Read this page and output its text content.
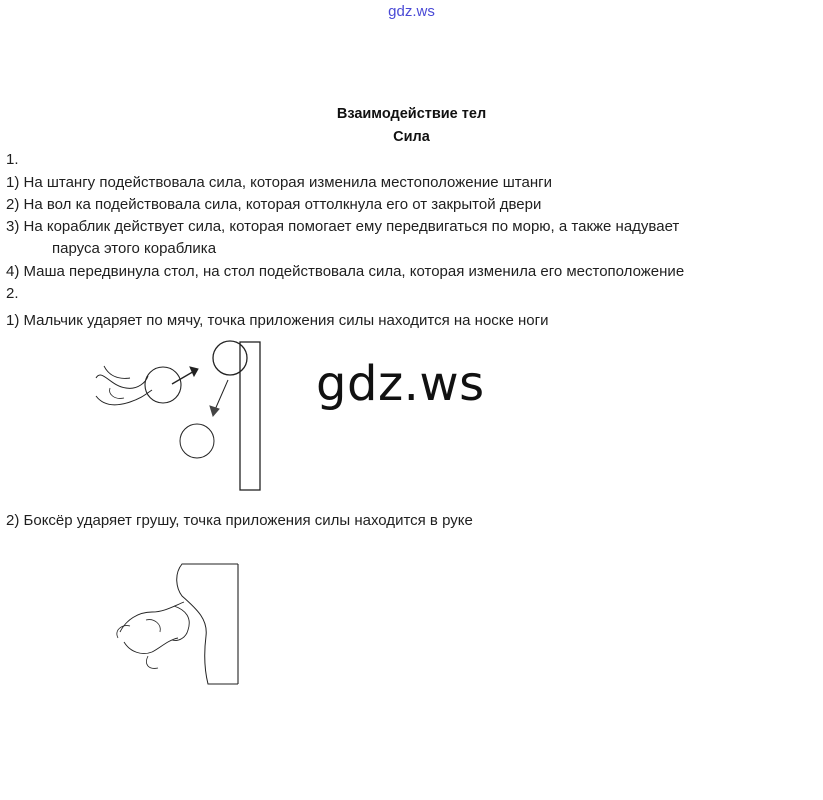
gdz.ws
Взаимодействие тел
Сила
1.
1) На штангу подействовала сила, которая изменила местоположение штанги
2) На вол ка подействовала сила, которая оттолкнула его от закрытой двери
3) На кораблик действует сила, которая помогает ему передвигаться по морю, а также надувает
паруса этого кораблика
4) Маша передвинула стол, на стол подействовала сила, которая изменила его местоположение
2.
1) Мальчик ударяет по мячу, точка приложения силы находится на носке ноги
gdz.ws
2) Боксёр ударяет грушу, точка приложения силы находится в руке
